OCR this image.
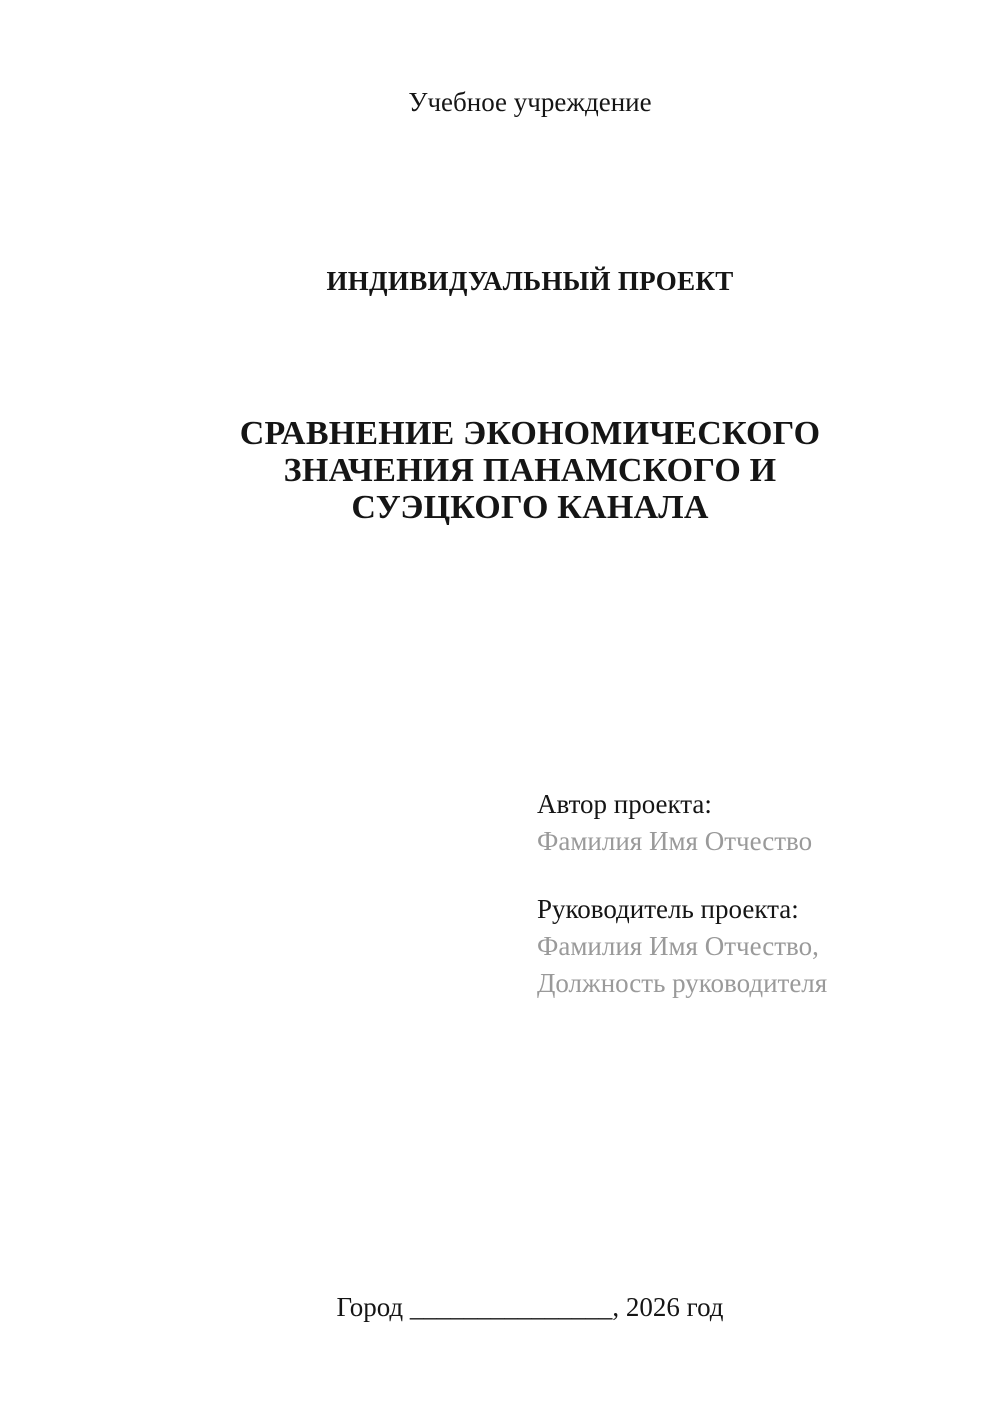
Учебное учреждение
ИНДИВИДУАЛЬНЫЙ ПРОЕКТ
СРАВНЕНИЕ ЭКОНОМИЧЕСКОГО
ЗНАЧЕНИЯ ПАНАМСКОГО И
СУЭЦКОГО КАНАЛА
Автор проекта:
Фамилия Имя Отчество
Руководитель проекта:
Фамилия Имя Отчество,
Должность руководителя
Город _______________, 2026 год
